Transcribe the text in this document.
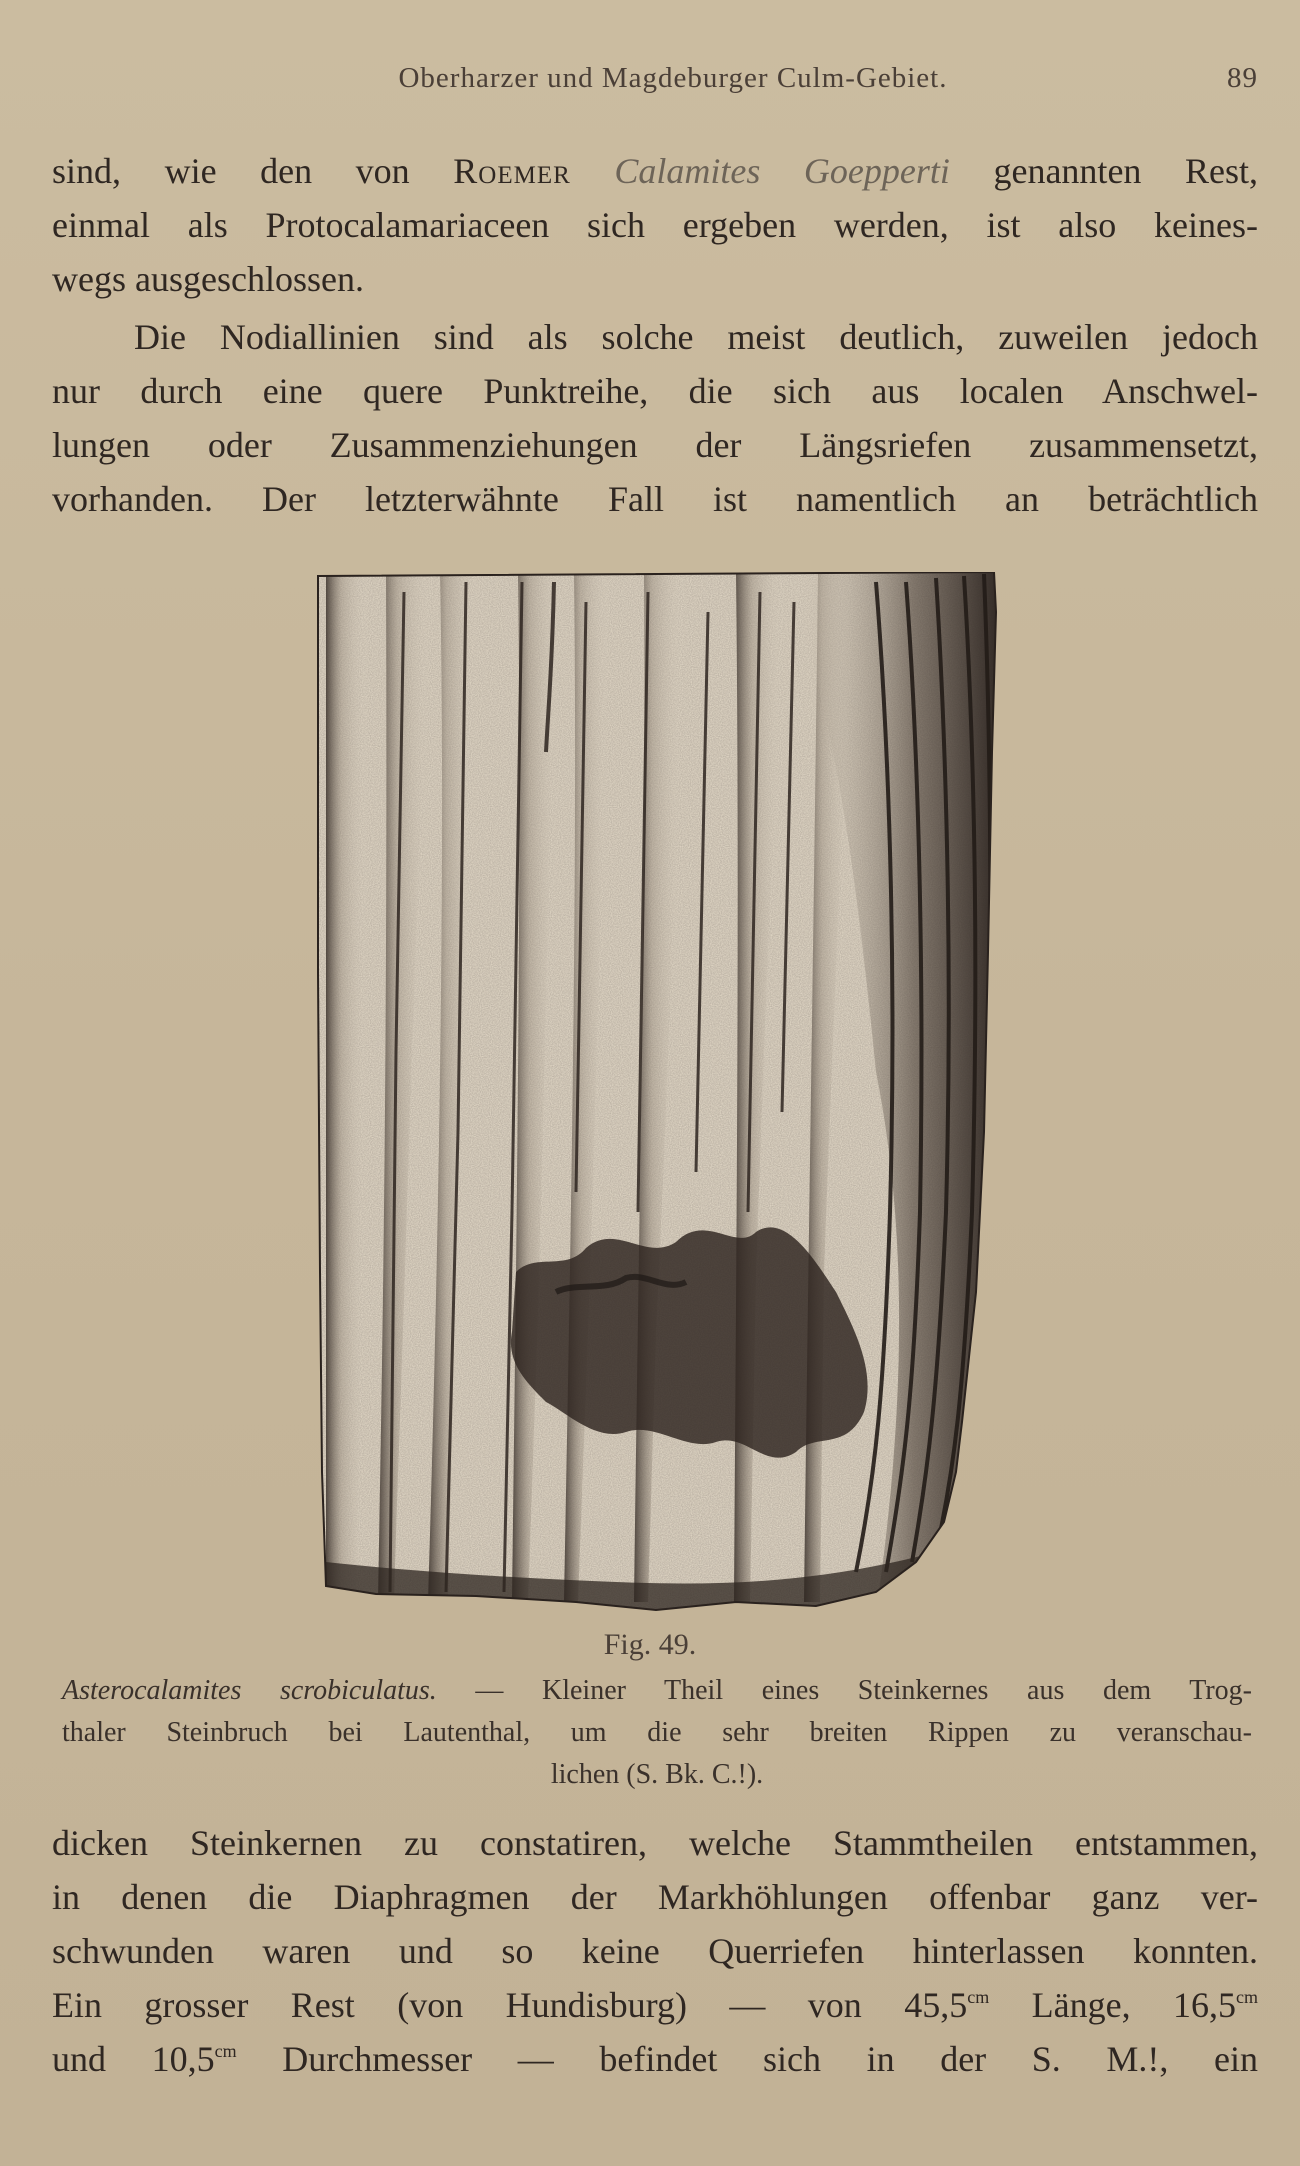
Oberharzer und Magdeburger Culm-Gebiet.	89
sind, wie den von Roemer Calamites Goepperti genannten Rest,
einmal als Protocalamariaceen sich ergeben werden, ist also keines-
wegs ausgeschlossen.
Die Nodiallinien sind als solche meist deutlich, zuweilen jedoch
nur durch eine quere Punktreihe, die sich aus localen Anschwel-
lungen oder Zusammenziehungen der Längsriefen zusammensetzt,
vorhanden. Der letzterwähnte Fall ist namentlich an beträchtlich
Fig. 49.
Asterocalamites scrobiculatus. — Kleiner Theil eines Steinkernes aus dem Trog-
thaler Steinbruch bei Lautenthal, um die sehr breiten Rippen zu veranschau-
lichen (S. Bk. C.!).
dicken Steinkernen zu constatiren, welche Stammtheilen entstammen,
in denen die Diaphragmen der Markhöhlungen offenbar ganz ver-
schwunden waren und so keine Querriefen hinterlassen konnten.
Ein grosser Rest (von Hundisburg) — von $45,5^{cm}$ Länge, $16,5^{cm}$
und $10,5^{cm}$ Durchmesser — befindet sich in der S. M.!, ein
